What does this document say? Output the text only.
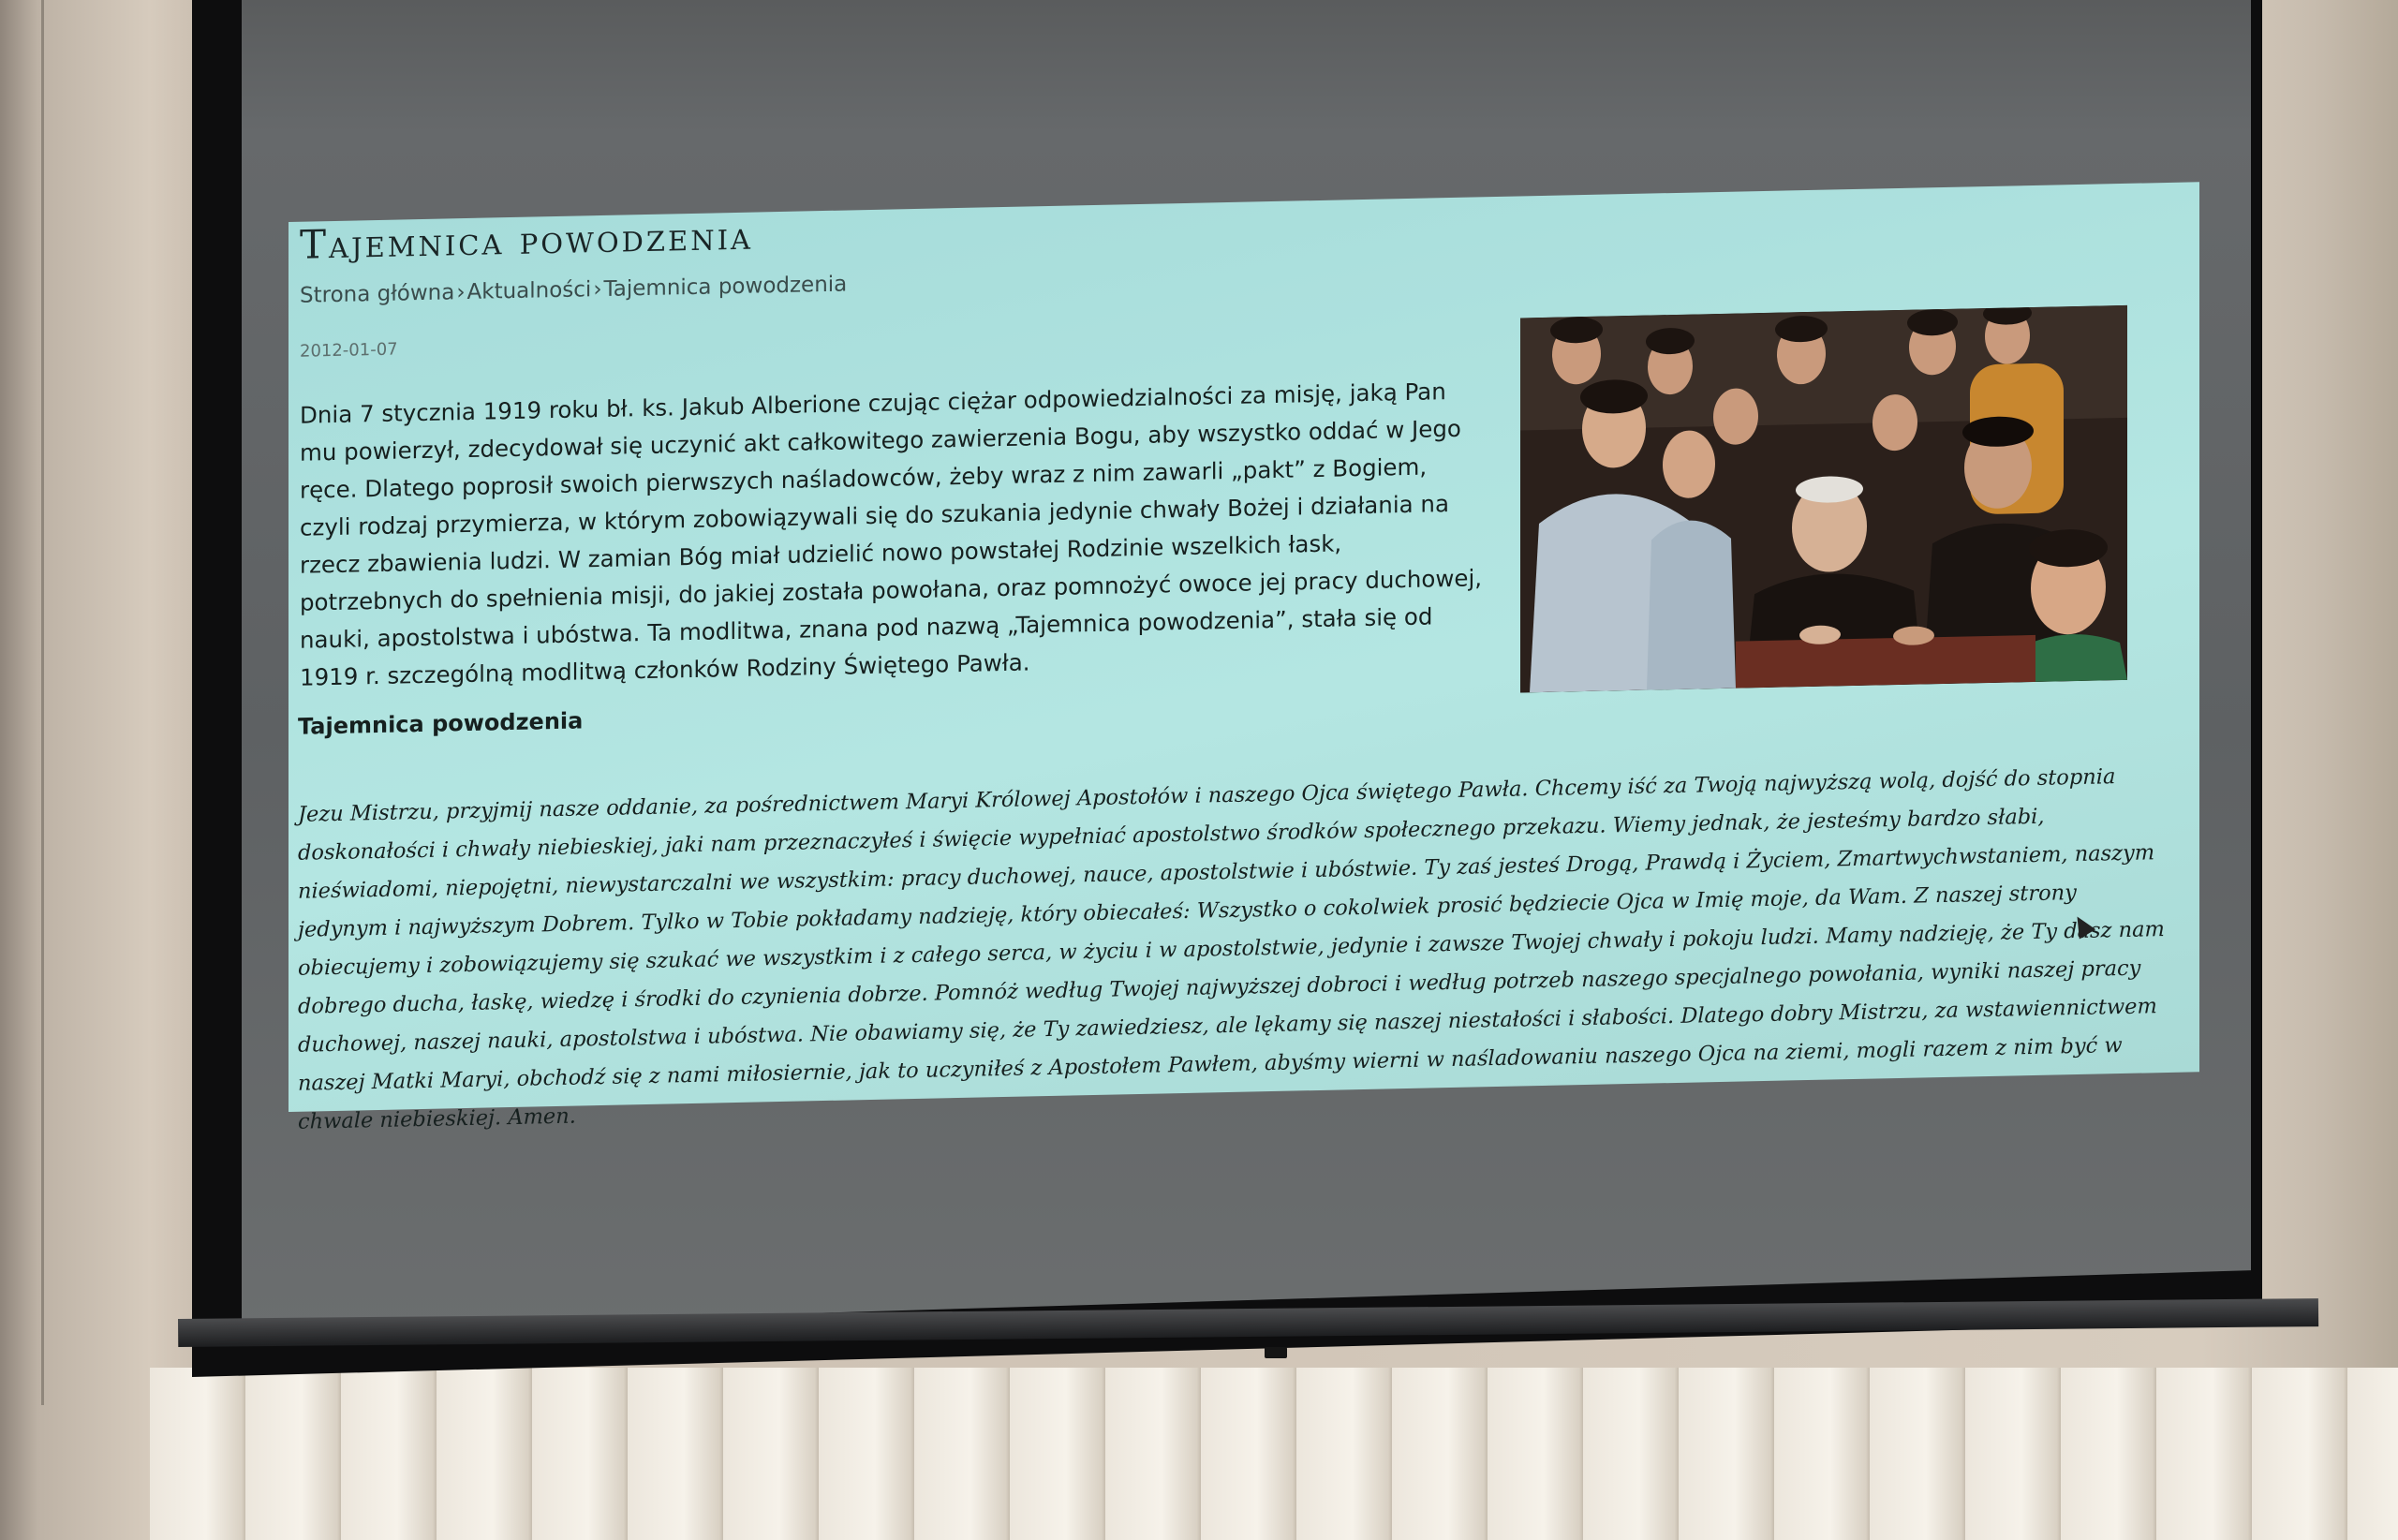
Tajemnica powodzenia
Strona główna›Aktualności›Tajemnica powodzenia
2012-01-07

Dnia 7 stycznia 1919 roku bł. ks. Jakub Alberione czując ciężar odpowiedzialności za misję, jaką Pan mu powierzył, zdecydował się uczynić akt całkowitego zawierzenia Bogu, aby wszystko oddać w Jego ręce. Dlatego poprosił swoich pierwszych naśladowców, żeby wraz z nim zawarli „pakt” z Bogiem, czyli rodzaj przymierza, w którym zobowiązywali się do szukania jedynie chwały Bożej i działania na rzecz zbawienia ludzi. W zamian Bóg miał udzielić nowo powstałej Rodzinie wszelkich łask, potrzebnych do spełnienia misji, do jakiej została powołana, oraz pomnożyć owoce jej pracy duchowej, nauki, apostolstwa i ubóstwa. Ta modlitwa, znana pod nazwą „Tajemnica powodzenia”, stała się od 1919 r. szczególną modlitwą członków Rodziny Świętego Pawła.

Tajemnica powodzenia

Jezu Mistrzu, przyjmij nasze oddanie, za pośrednictwem Maryi Królowej Apostołów i naszego Ojca świętego Pawła. Chcemy iść za Twoją najwyższą wolą, dojść do stopnia doskonałości i chwały niebieskiej, jaki nam przeznaczyłeś i święcie wypełniać apostolstwo środków społecznego przekazu. Wiemy jednak, że jesteśmy bardzo słabi, nieświadomi, niepojętni, niewystarczalni we wszystkim: pracy duchowej, nauce, apostolstwie i ubóstwie. Ty zaś jesteś Drogą, Prawdą i Życiem, Zmartwychwstaniem, naszym jedynym i najwyższym Dobrem. Tylko w Tobie pokładamy nadzieję, który obiecałeś: Wszystko o cokolwiek prosić będziecie Ojca w Imię moje, da Wam. Z naszej strony obiecujemy i zobowiązujemy się szukać we wszystkim i z całego serca, w życiu i w apostolstwie, jedynie i zawsze Twojej chwały i pokoju ludzi. Mamy nadzieję, że Ty dasz nam dobrego ducha, łaskę, wiedzę i środki do czynienia dobrze. Pomnóż według Twojej najwyższej dobroci i według potrzeb naszego specjalnego powołania, wyniki naszej pracy duchowej, naszej nauki, apostolstwa i ubóstwa. Nie obawiamy się, że Ty zawiedziesz, ale lękamy się naszej niestałości i słabości. Dlatego dobry Mistrzu, za wstawiennictwem naszej Matki Maryi, obchodź się z nami miłosiernie, jak to uczyniłeś z Apostołem Pawłem, abyśmy wierni w naśladowaniu naszego Ojca na ziemi, mogli razem z nim być w chwale niebieskiej. Amen.
